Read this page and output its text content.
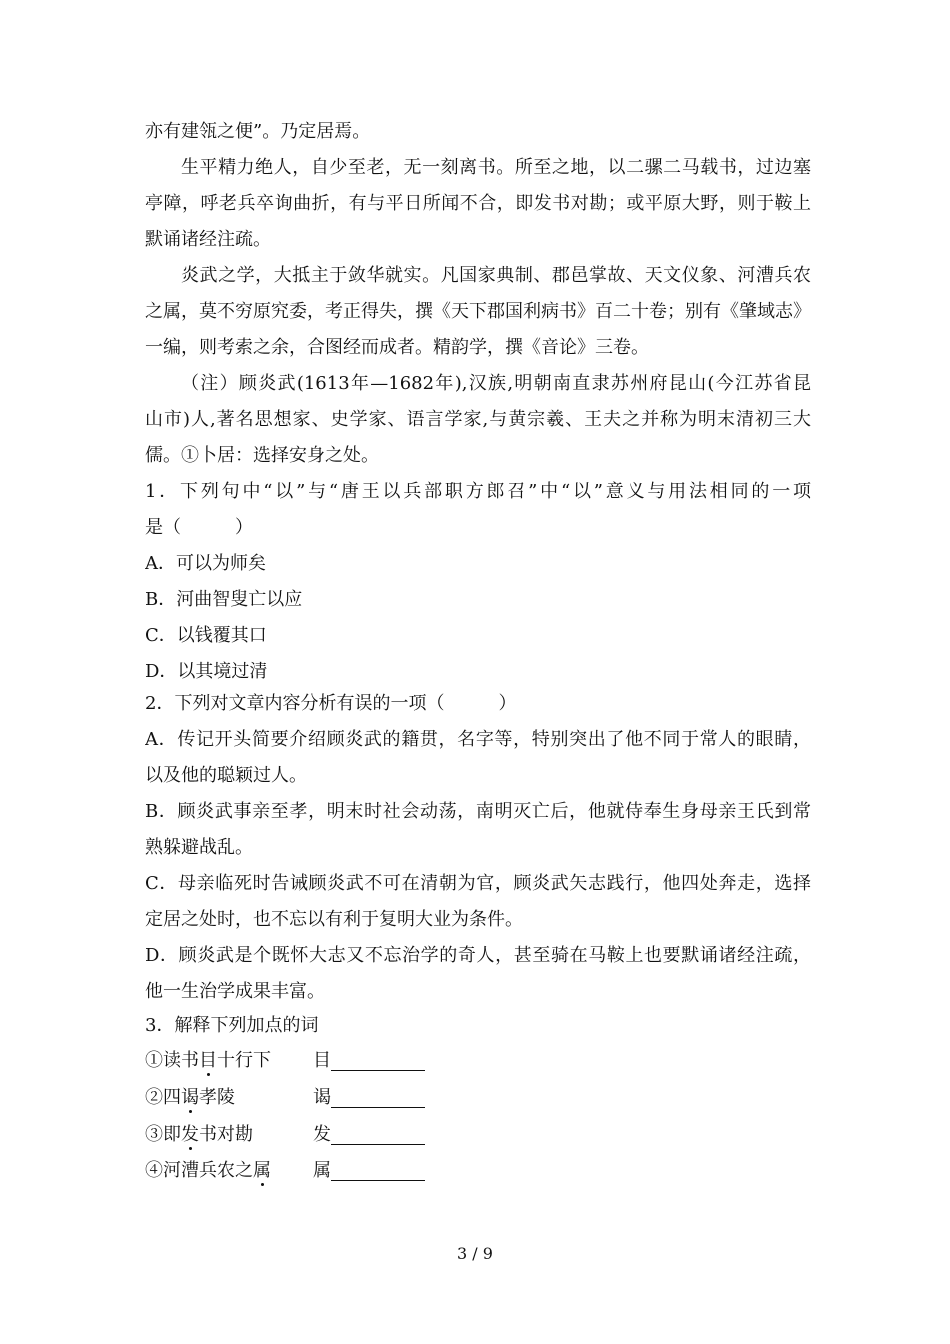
亦有建瓴之便”。乃定居焉。

生平精力绝人，自少至老，无一刻离书。所至之地，以二骡二马载书，过边塞

亭障，呼老兵卒询曲折，有与平日所闻不合，即发书对勘；或平原大野，则于鞍上

默诵诸经注疏。

炎武之学，大抵主于敛华就实。凡国家典制、郡邑掌故、天文仪象、河漕兵农

之属，莫不穷原究委，考正得失，撰《天下郡国利病书》百二十卷；别有《肇域志》

一编，则考索之余，合图经而成者。精韵学，撰《音论》三卷。

（注）顾炎武(1613年—1682年),汉族,明朝南直隶苏州府昆山(今江苏省昆

山市)人,著名思想家、史学家、语言学家,与黄宗羲、王夫之并称为明末清初三大

儒。①卜居：选择安身之处。

1．下列句中“以”与“唐王以兵部职方郎召”中“以”意义与用法相同的一项

是（　　　）

A．可以为师矣

B．河曲智叟亡以应

C．以钱覆其口

D．以其境过清

2．下列对文章内容分析有误的一项（　　　）

A．传记开头简要介绍顾炎武的籍贯，名字等，特别突出了他不同于常人的眼睛，

以及他的聪颖过人。

B．顾炎武事亲至孝，明末时社会动荡，南明灭亡后，他就侍奉生身母亲王氏到常

熟躲避战乱。

C．母亲临死时告诫顾炎武不可在清朝为官，顾炎武矢志践行，他四处奔走，选择

定居之处时，也不忘以有利于复明大业为条件。

D．顾炎武是个既怀大志又不忘治学的奇人，甚至骑在马鞍上也要默诵诸经注疏，

他一生治学成果丰富。

3．解释下列加点的词

①读书目十行下 目
②四谒孝陵	谒
③即发书对勘	发
④河漕兵农之属 属
3 / 9
